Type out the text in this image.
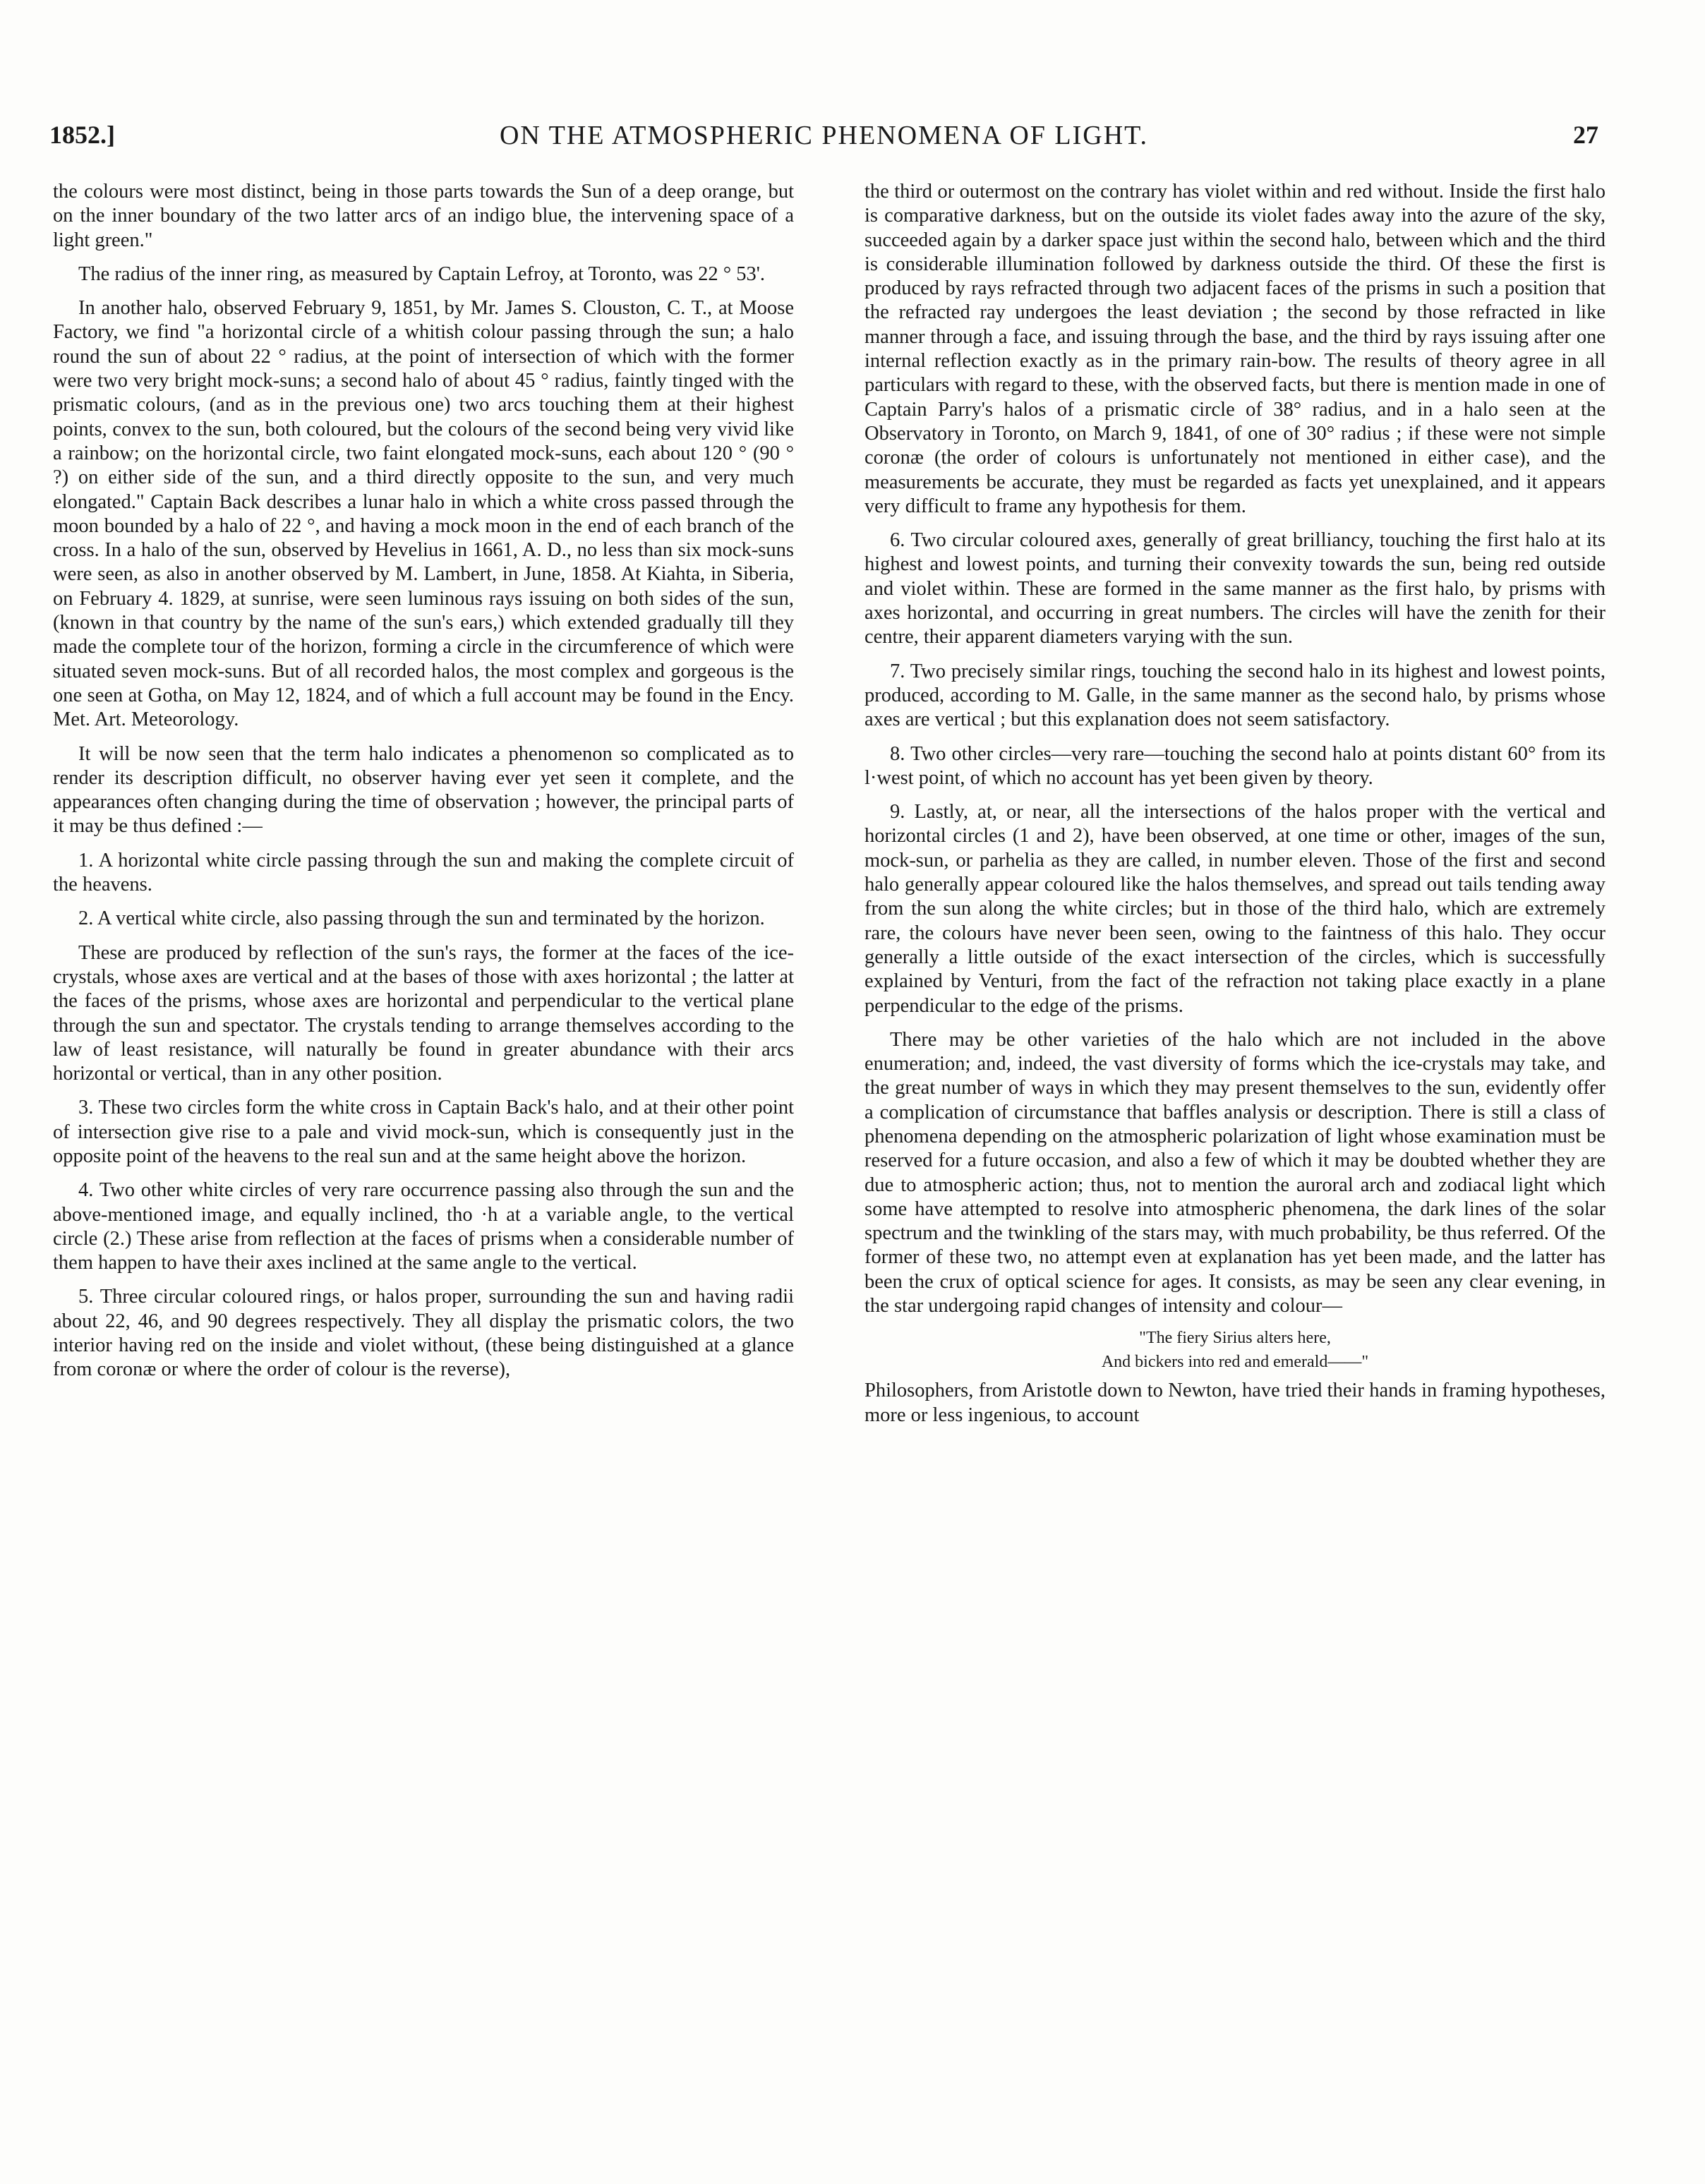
1852.]	ON THE ATMOSPHERIC PHENOMENA OF LIGHT.	27

the colours were most distinct, being in those parts towards the Sun of a deep orange, but on the inner boundary of the two latter arcs of an indigo blue, the intervening space of a light green."

The radius of the inner ring, as measured by Captain Lefroy, at Toronto, was 22 ° 53'.

In another halo, observed February 9, 1851, by Mr. James S. Clouston, C. T., at Moose Factory, we find "a horizontal circle of a whitish colour passing through the sun; a halo round the sun of about 22 ° radius, at the point of intersection of which with the former were two very bright mock-suns; a second halo of about 45 ° radius, faintly tinged with the prismatic colours, (and as in the previous one) two arcs touching them at their highest points, convex to the sun, both coloured, but the colours of the second being very vivid like a rainbow; on the horizontal circle, two faint elongated mock-suns, each about 120 ° (90 ° ?) on either side of the sun, and a third directly opposite to the sun, and very much elongated." Captain Back describes a lunar halo in which a white cross passed through the moon bounded by a halo of 22 °, and having a mock moon in the end of each branch of the cross. In a halo of the sun, observed by Hevelius in 1661, A. D., no less than six mock-suns were seen, as also in another observed by M. Lambert, in June, 1858. At Kiahta, in Siberia, on February 4. 1829, at sunrise, were seen luminous rays issuing on both sides of the sun, (known in that country by the name of the sun's ears,) which extended gradually till they made the complete tour of the horizon, forming a circle in the circumference of which were situated seven mock-suns. But of all recorded halos, the most complex and gorgeous is the one seen at Gotha, on May 12, 1824, and of which a full account may be found in the Ency. Met. Art. Meteorology.

It will be now seen that the term halo indicates a phenomenon so complicated as to render its description difficult, no observer having ever yet seen it complete, and the appearances often changing during the time of observation ; however, the principal parts of it may be thus defined :—

1. A horizontal white circle passing through the sun and making the complete circuit of the heavens.

2. A vertical white circle, also passing through the sun and terminated by the horizon.

These are produced by reflection of the sun's rays, the former at the faces of the ice-crystals, whose axes are vertical and at the bases of those with axes horizontal ; the latter at the faces of the prisms, whose axes are horizontal and perpendicular to the vertical plane through the sun and spectator. The crystals tending to arrange themselves according to the law of least resistance, will naturally be found in greater abundance with their arcs horizontal or vertical, than in any other position.

3. These two circles form the white cross in Captain Back's halo, and at their other point of intersection give rise to a pale and vivid mock-sun, which is consequently just in the opposite point of the heavens to the real sun and at the same height above the horizon.

4. Two other white circles of very rare occurrence passing also through the sun and the above-mentioned image, and equally inclined, tho ·h at a variable angle, to the vertical circle (2.) These arise from reflection at the faces of prisms when a considerable number of them happen to have their axes inclined at the same angle to the vertical.

5. Three circular coloured rings, or halos proper, surrounding the sun and having radii about 22, 46, and 90 degrees respectively. They all display the prismatic colors, the two interior having red on the inside and violet without, (these being distinguished at a glance from coronæ or where the order of colour is the reverse),

the third or outermost on the contrary has violet within and red without. Inside the first halo is comparative darkness, but on the outside its violet fades away into the azure of the sky, succeeded again by a darker space just within the second halo, between which and the third is considerable illumination followed by darkness outside the third. Of these the first is produced by rays refracted through two adjacent faces of the prisms in such a position that the refracted ray undergoes the least deviation ; the second by those refracted in like manner through a face, and issuing through the base, and the third by rays issuing after one internal reflection exactly as in the primary rain-bow. The results of theory agree in all particulars with regard to these, with the observed facts, but there is mention made in one of Captain Parry's halos of a prismatic circle of 38° radius, and in a halo seen at the Observatory in Toronto, on March 9, 1841, of one of 30° radius ; if these were not simple coronæ (the order of colours is unfortunately not mentioned in either case), and the measurements be accurate, they must be regarded as facts yet unexplained, and it appears very difficult to frame any hypothesis for them.

6. Two circular coloured axes, generally of great brilliancy, touching the first halo at its highest and lowest points, and turning their convexity towards the sun, being red outside and violet within. These are formed in the same manner as the first halo, by prisms with axes horizontal, and occurring in great numbers. The circles will have the zenith for their centre, their apparent diameters varying with the sun.

7. Two precisely similar rings, touching the second halo in its highest and lowest points, produced, according to M. Galle, in the same manner as the second halo, by prisms whose axes are vertical ; but this explanation does not seem satisfactory.

8. Two other circles—very rare—touching the second halo at points distant 60° from its l·west point, of which no account has yet been given by theory.

9. Lastly, at, or near, all the intersections of the halos proper with the vertical and horizontal circles (1 and 2), have been observed, at one time or other, images of the sun, mock-sun, or parhelia as they are called, in number eleven. Those of the first and second halo generally appear coloured like the halos themselves, and spread out tails tending away from the sun along the white circles; but in those of the third halo, which are extremely rare, the colours have never been seen, owing to the faintness of this halo. They occur generally a little outside of the exact intersection of the circles, which is successfully explained by Venturi, from the fact of the refraction not taking place exactly in a plane perpendicular to the edge of the prisms.

There may be other varieties of the halo which are not included in the above enumeration; and, indeed, the vast diversity of forms which the ice-crystals may take, and the great number of ways in which they may present themselves to the sun, evidently offer a complication of circumstance that baffles analysis or description. There is still a class of phenomena depending on the atmospheric polarization of light whose examination must be reserved for a future occasion, and also a few of which it may be doubted whether they are due to atmospheric action; thus, not to mention the auroral arch and zodiacal light which some have attempted to resolve into atmospheric phenomena, the dark lines of the solar spectrum and the twinkling of the stars may, with much probability, be thus referred. Of the former of these two, no attempt even at explanation has yet been made, and the latter has been the crux of optical science for ages. It consists, as may be seen any clear evening, in the star undergoing rapid changes of intensity and colour—

"The fiery Sirius alters here,

And bickers into red and emerald——"

Philosophers, from Aristotle down to Newton, have tried their hands in framing hypotheses, more or less ingenious, to account
